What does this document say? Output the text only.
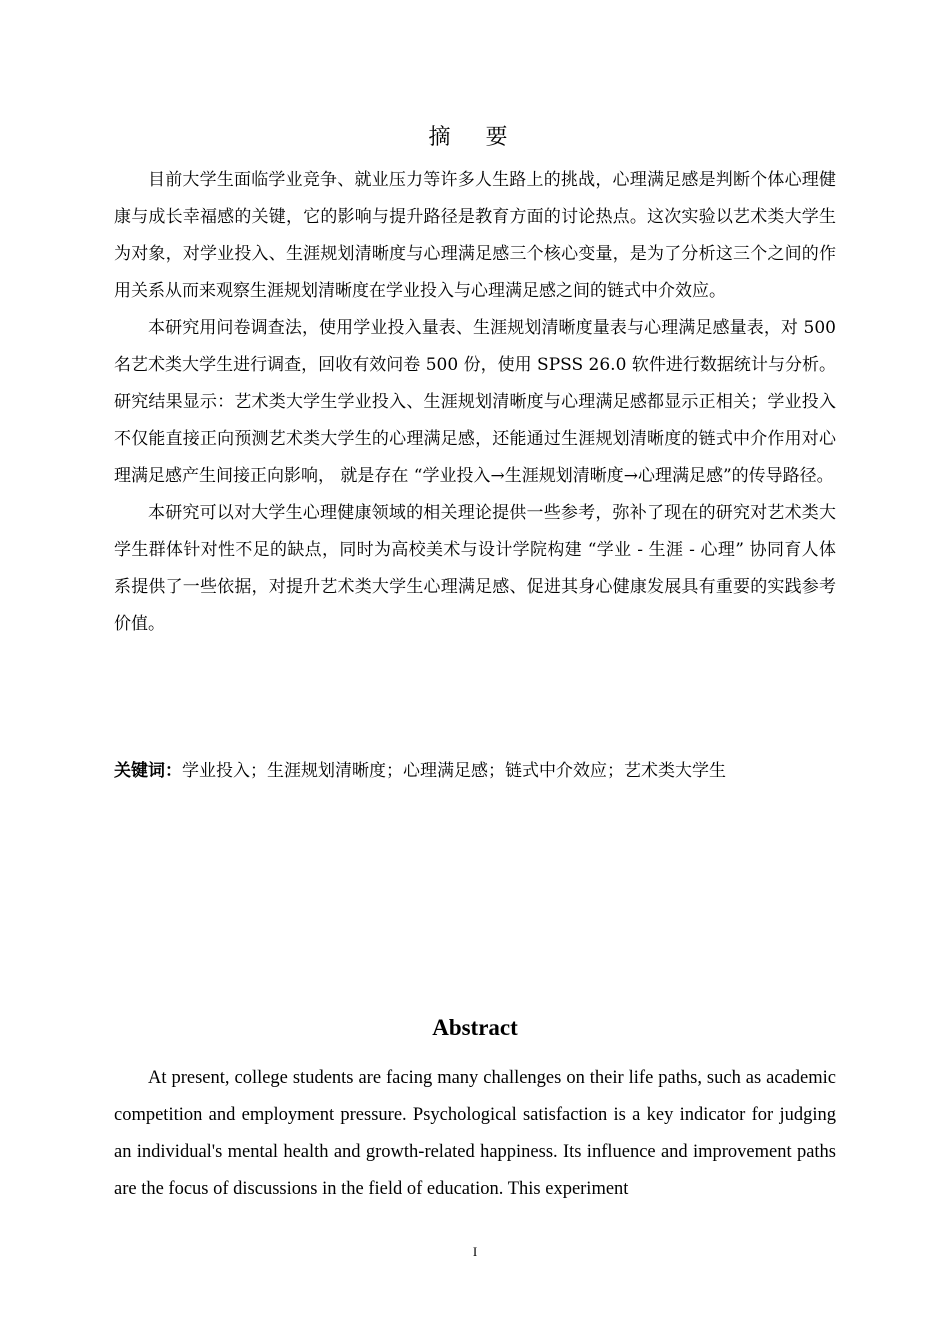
摘 要

目前大学生面临学业竞争、就业压力等许多人生路上的挑战，心理满足感是判断个体心理健康与成长幸福感的关键，它的影响与提升路径是教育方面的讨论热点。这次实验以艺术类大学生为对象，对学业投入、生涯规划清晰度与心理满足感三个核心变量，是为了分析这三个之间的作用关系从而来观察生涯规划清晰度在学业投入与心理满足感之间的链式中介效应。

本研究用问卷调查法，使用学业投入量表、生涯规划清晰度量表与心理满足感量表，对 500 名艺术类大学生进行调查，回收有效问卷 500 份，使用 SPSS 26.0 软件进行数据统计与分析。研究结果显示：艺术类大学生学业投入、生涯规划清晰度与心理满足感都显示正相关；学业投入不仅能直接正向预测艺术类大学生的心理满足感，还能通过生涯规划清晰度的链式中介作用对心理满足感产生间接正向影响， 就是存在 “学业投入→生涯规划清晰度→心理满足感”的传导路径。

本研究可以对大学生心理健康领域的相关理论提供一些参考，弥补了现在的研究对艺术类大学生群体针对性不足的缺点，同时为高校美术与设计学院构建 “学业 - 生涯 - 心理” 协同育人体系提供了一些依据，对提升艺术类大学生心理满足感、促进其身心健康发展具有重要的实践参考价值。

关键词：学业投入；生涯规划清晰度；心理满足感；链式中介效应；艺术类大学生
Abstract

At present, college students are facing many challenges on their life paths, such as academic competition and employment pressure. Psychological satisfaction is a key indicator for judging an individual's mental health and growth-related happiness. Its influence and improvement paths are the focus of discussions in the field of education. This experiment

I
